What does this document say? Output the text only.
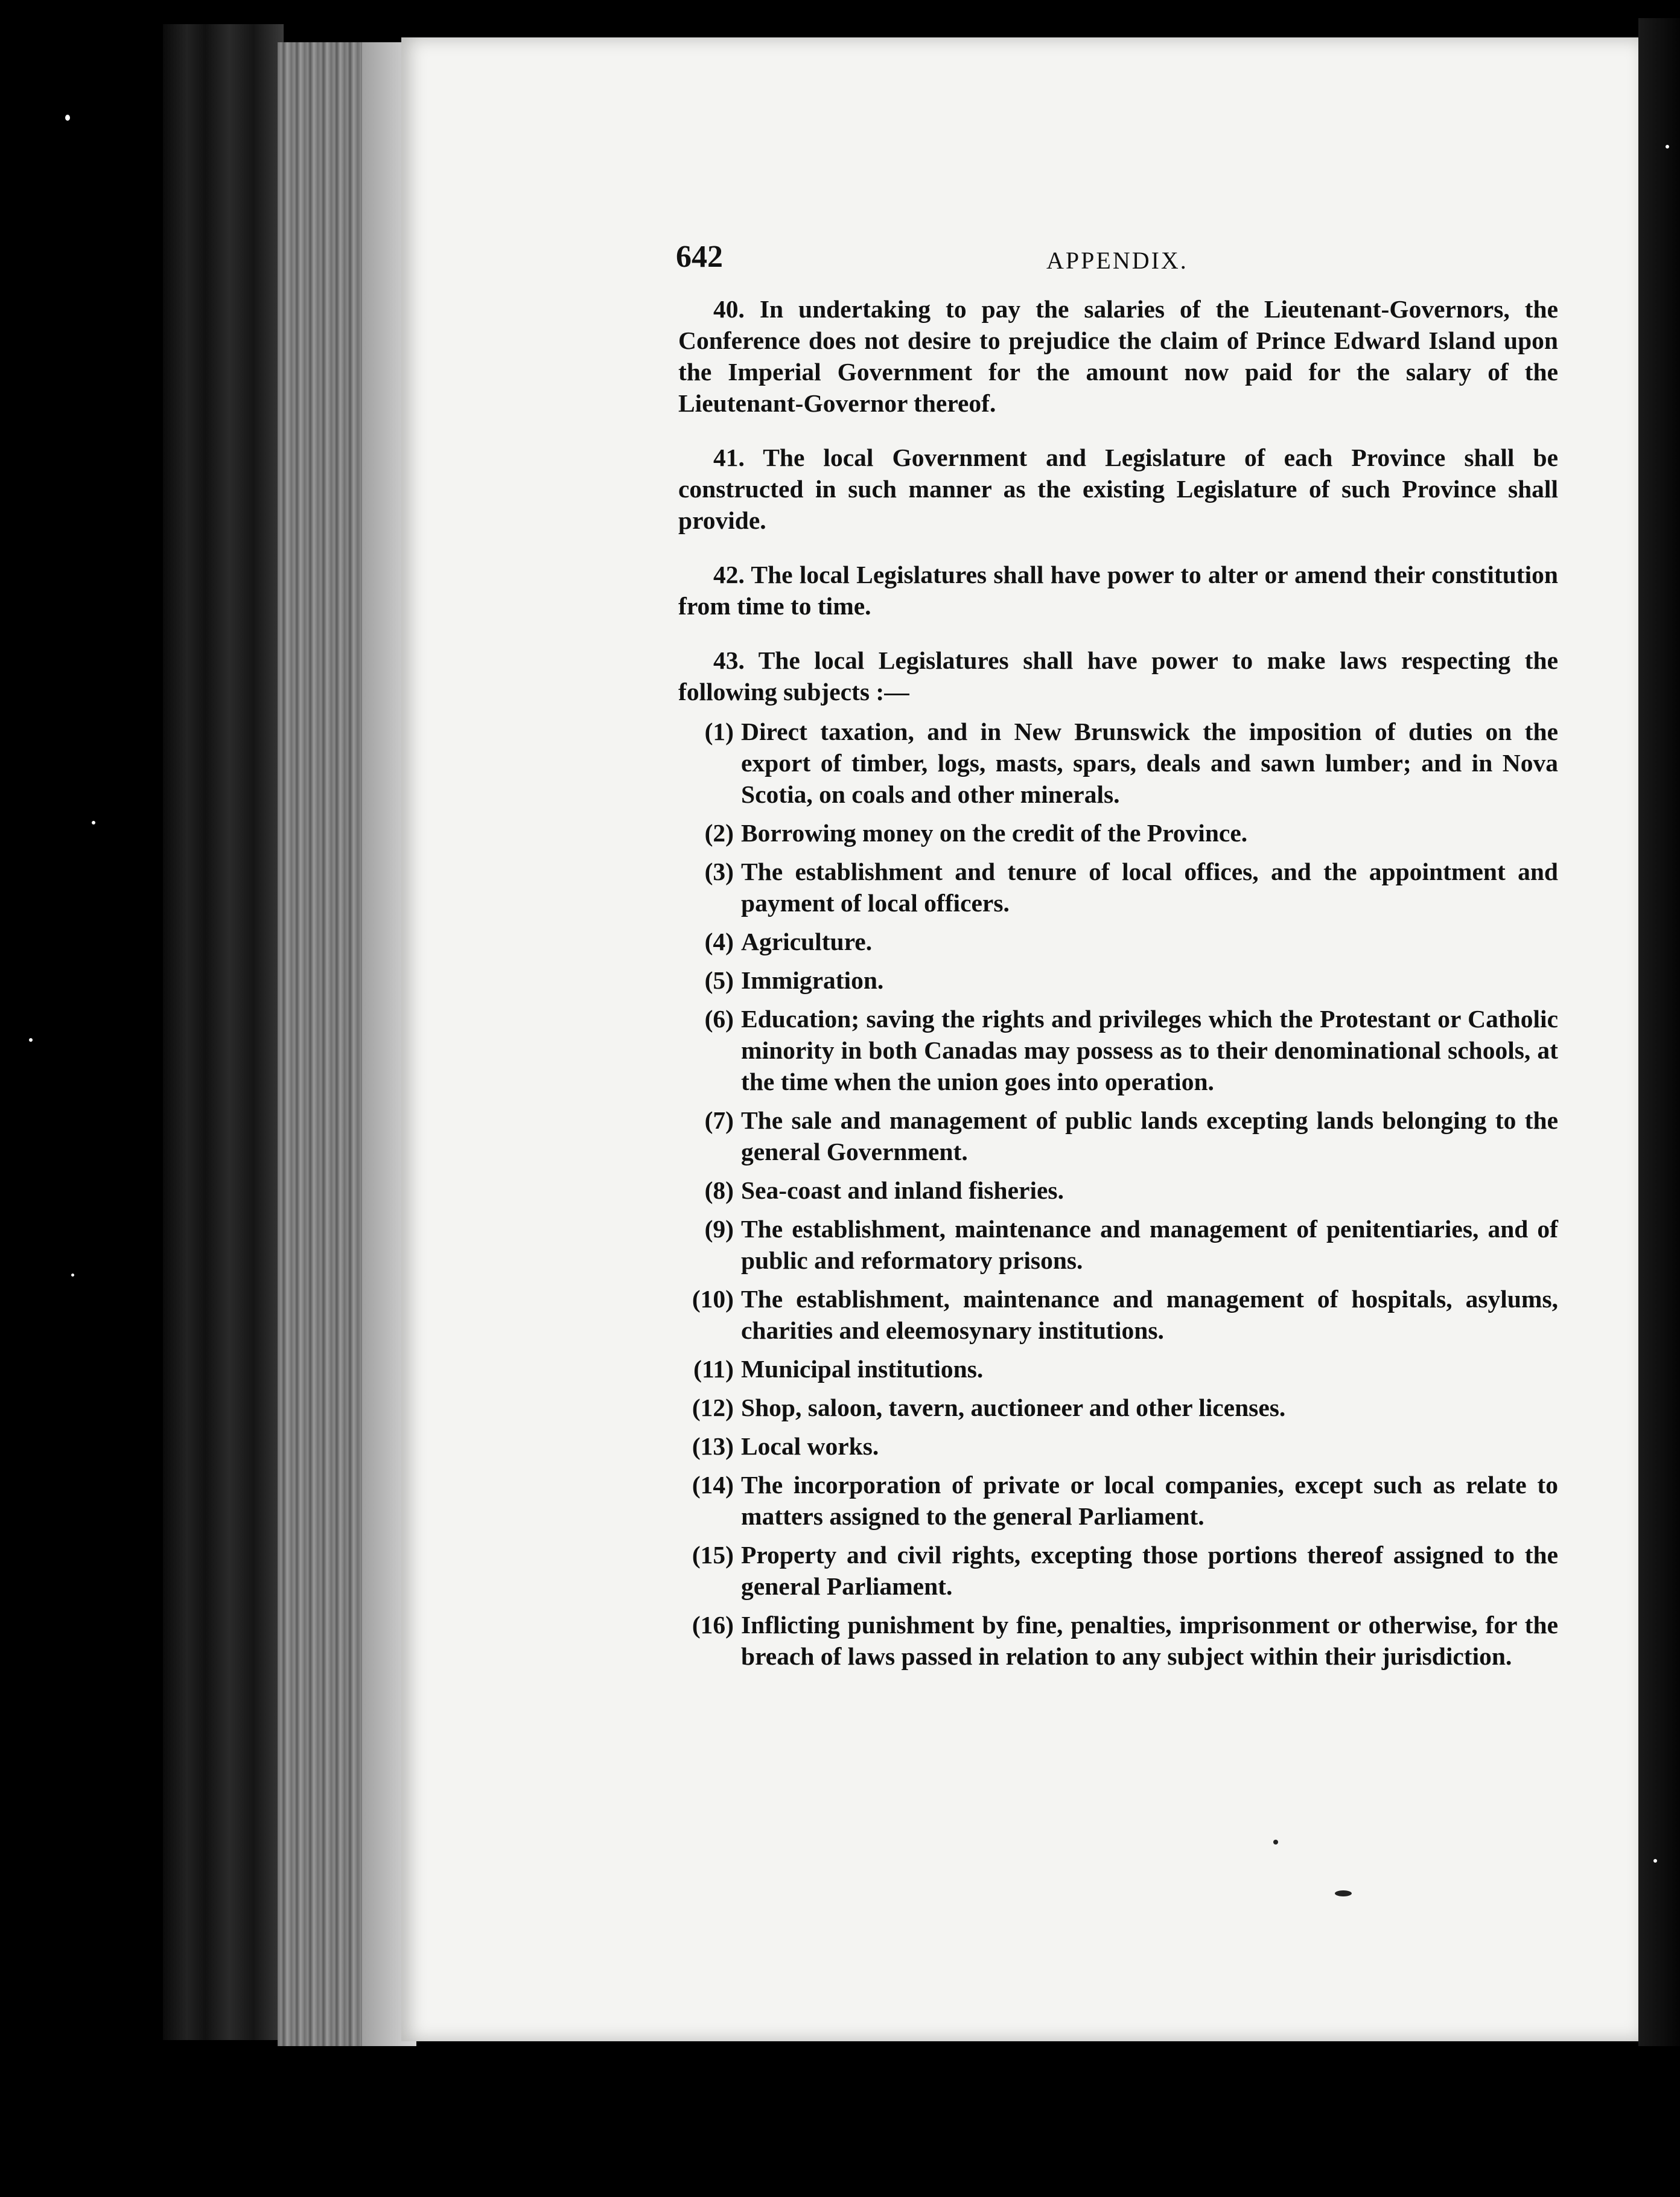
642	APPENDIX.

40. In undertaking to pay the salaries of the Lieutenant-Governors, the Conference does not desire to prejudice the claim of Prince Edward Island upon the Imperial Government for the amount now paid for the salary of the Lieutenant-Governor thereof.

41. The local Government and Legislature of each Province shall be constructed in such manner as the existing Legislature of such Province shall provide.

42. The local Legislatures shall have power to alter or amend their constitution from time to time.

43. The local Legislatures shall have power to make laws respecting the following subjects :—

(1) Direct taxation, and in New Brunswick the imposition of duties on the export of timber, logs, masts, spars, deals and sawn lumber; and in Nova Scotia, on coals and other minerals.
(2) Borrowing money on the credit of the Province.
(3) The establishment and tenure of local offices, and the appointment and payment of local officers.
(4) Agriculture.
(5) Immigration.
(6) Education; saving the rights and privileges which the Protestant or Catholic minority in both Canadas may possess as to their denominational schools, at the time when the union goes into operation.
(7) The sale and management of public lands excepting lands belonging to the general Government.
(8) Sea-coast and inland fisheries.
(9) The establishment, maintenance and management of penitentiaries, and of public and reformatory prisons.
(10) The establishment, maintenance and management of hospitals, asylums, charities and eleemosynary institutions.
(11) Municipal institutions.
(12) Shop, saloon, tavern, auctioneer and other licenses.
(13) Local works.
(14) The incorporation of private or local companies, except such as relate to matters assigned to the general Parliament.
(15) Property and civil rights, excepting those portions thereof assigned to the general Parliament.
(16) Inflicting punishment by fine, penalties, imprisonment or otherwise, for the breach of laws passed in relation to any subject within their jurisdiction.
